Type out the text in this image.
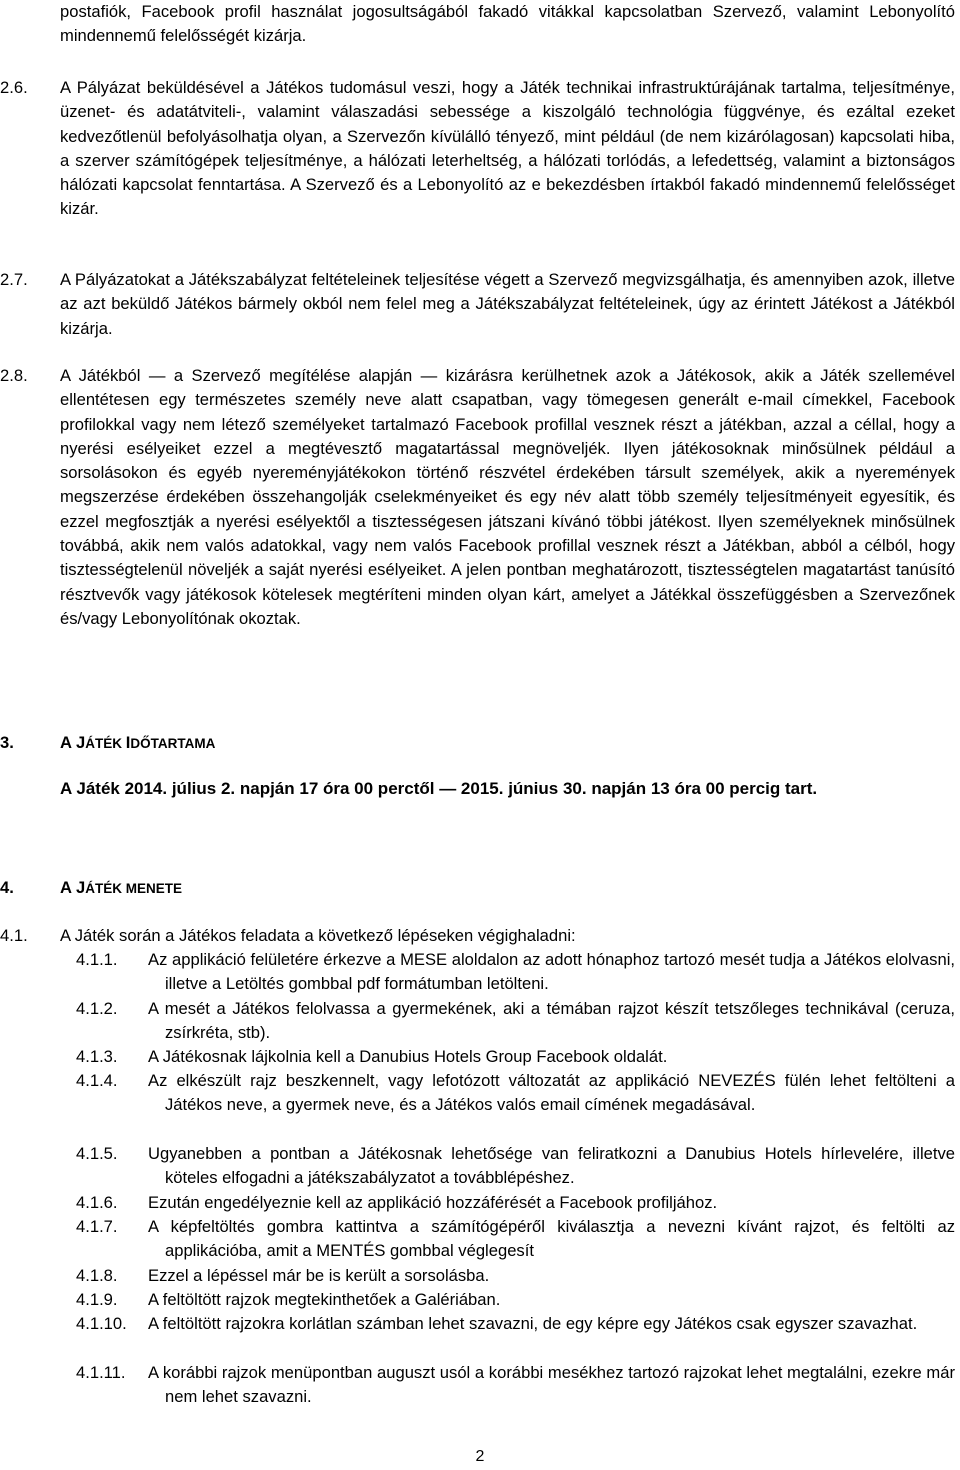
postafiók, Facebook profil használat jogosultságából fakadó vitákkal kapcsolatban Szervező, valamint Lebonyolító mindennemű felelősségét kizárja.

2.6.	A Pályázat beküldésével a Játékos tudomásul veszi, hogy a Játék technikai infrastruktúrájának tartalma, teljesítménye, üzenet- és adatátviteli-, valamint válaszadási sebessége a kiszolgáló technológia függvénye, és ezáltal ezeket kedvezőtlenül befolyásolhatja olyan, a Szervezőn kívülálló tényező, mint például (de nem kizárólagosan) kapcsolati hiba, a szerver számítógépek teljesítménye, a hálózati leterheltség, a hálózati torlódás, a lefedettség, valamint a biztonságos hálózati kapcsolat fenntartása. A Szervező és a Lebonyolító az e bekezdésben írtakból fakadó mindennemű felelősséget kizár.

2.7.	A Pályázatokat a Játékszabályzat feltételeinek teljesítése végett a Szervező megvizsgálhatja, és amennyiben azok, illetve az azt beküldő Játékos bármely okból nem felel meg a Játékszabályzat feltételeinek, úgy az érintett Játékost a Játékból kizárja.

2.8.	A Játékból — a Szervező megítélése alapján — kizárásra kerülhetnek azok a Játékosok, akik a Játék szellemével ellentétesen egy természetes személy neve alatt csapatban, vagy tömegesen generált e-mail címekkel, Facebook profilokkal vagy nem létező személyeket tartalmazó Facebook profillal vesznek részt a játékban, azzal a céllal, hogy a nyerési esélyeiket ezzel a megtévesztő magatartással megnöveljék. Ilyen játékosoknak minősülnek például a sorsolásokon és egyéb nyereményjátékokon történő részvétel érdekében társult személyek, akik a nyeremények megszerzése érdekében összehangolják cselekményeiket és egy név alatt több személy teljesítményeit egyesítik, és ezzel megfosztják a nyerési esélyektől a tisztességesen játszani kívánó többi játékost. Ilyen személyeknek minősülnek továbbá, akik nem valós adatokkal, vagy nem valós Facebook profillal vesznek részt a Játékban, abból a célból, hogy tisztességtelenül növeljék a saját nyerési esélyeiket. A jelen pontban meghatározott, tisztességtelen magatartást tanúsító résztvevők vagy játékosok kötelesek megtéríteni minden olyan kárt, amelyet a Játékkal összefüggésben a Szervezőnek és/vagy Lebonyolítónak okoztak.

3.	A JÁTÉK IDŐTARTAMA

A Játék 2014. július 2. napján 17 óra 00 perctől — 2015. június 30. napján 13 óra 00 percig tart.

4.	A JÁTÉK MENETE

4.1.	A Játék során a Játékos feladata a következő lépéseken végighaladni:

4.1.1.	Az applikáció felületére érkezve a MESE aloldalon az adott hónaphoz tartozó mesét tudja a Játékos elolvasni, illetve a Letöltés gombbal pdf formátumban letölteni.

4.1.2.	A mesét a Játékos felolvassa a gyermekének, aki a témában rajzot készít tetszőleges technikával (ceruza, zsírkréta, stb).

4.1.3.	A Játékosnak lájkolnia kell a Danubius Hotels Group Facebook oldalát.

4.1.4.	Az elkészült rajz beszkennelt, vagy lefotózott változatát az applikáció NEVEZÉS fülén lehet feltölteni a Játékos neve, a gyermek neve, és a Játékos valós email címének megadásával.

4.1.5.	Ugyanebben a pontban a Játékosnak lehetősége van feliratkozni a Danubius Hotels hírlevelére, illetve köteles elfogadni a játékszabályzatot a továbblépéshez.

4.1.6.	Ezután engedélyeznie kell az applikáció hozzáférését a Facebook profiljához.

4.1.7.	A képfeltöltés gombra kattintva a számítógépéről kiválasztja a nevezni kívánt rajzot, és feltölti az applikációba, amit a MENTÉS gombbal véglegesít

4.1.8.	Ezzel a lépéssel már be is került a sorsolásba.

4.1.9.	A feltöltött rajzok megtekinthetőek a Galériában.

4.1.10.	A feltöltött rajzokra korlátlan számban lehet szavazni, de egy képre egy Játékos csak egyszer szavazhat.

4.1.11.	A korábbi rajzok menüpontban auguszt usól a korábbi mesékhez tartozó rajzokat lehet megtalálni, ezekre már nem lehet szavazni.

2
